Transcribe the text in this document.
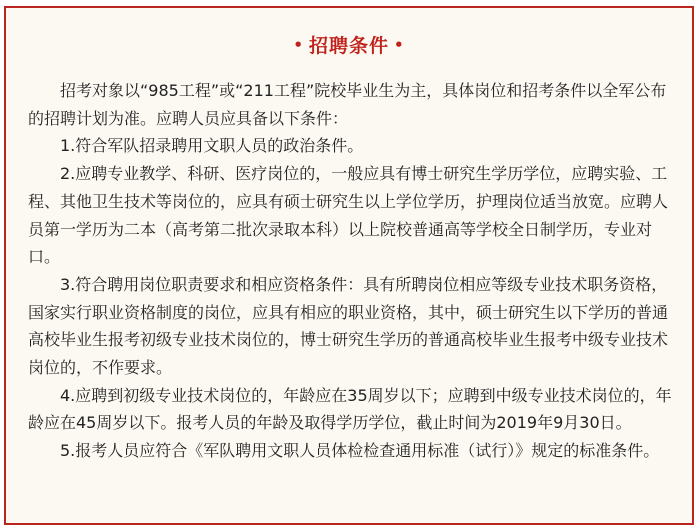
• 招聘条件 •

招考对象以“985工程”或“211工程”院校毕业生为主，具体岗位和招考条件以全军公布的招聘计划为准。应聘人员应具备以下条件：

1.符合军队招录聘用文职人员的政治条件。

2.应聘专业教学、科研、医疗岗位的，一般应具有博士研究生学历学位，应聘实验、工程、其他卫生技术等岗位的，应具有硕士研究生以上学位学历，护理岗位适当放宽。应聘人员第一学历为二本（高考第二批次录取本科）以上院校普通高等学校全日制学历，专业对口。

3.符合聘用岗位职责要求和相应资格条件：具有所聘岗位相应等级专业技术职务资格，国家实行职业资格制度的岗位，应具有相应的职业资格，其中，硕士研究生以下学历的普通高校毕业生报考初级专业技术岗位的，博士研究生学历的普通高校毕业生报考中级专业技术岗位的，不作要求。

4.应聘到初级专业技术岗位的，年龄应在35周岁以下；应聘到中级专业技术岗位的，年龄应在45周岁以下。报考人员的年龄及取得学历学位，截止时间为2019年9月30日。

5.报考人员应符合《军队聘用文职人员体检检查通用标准（试行）》规定的标准条件。
